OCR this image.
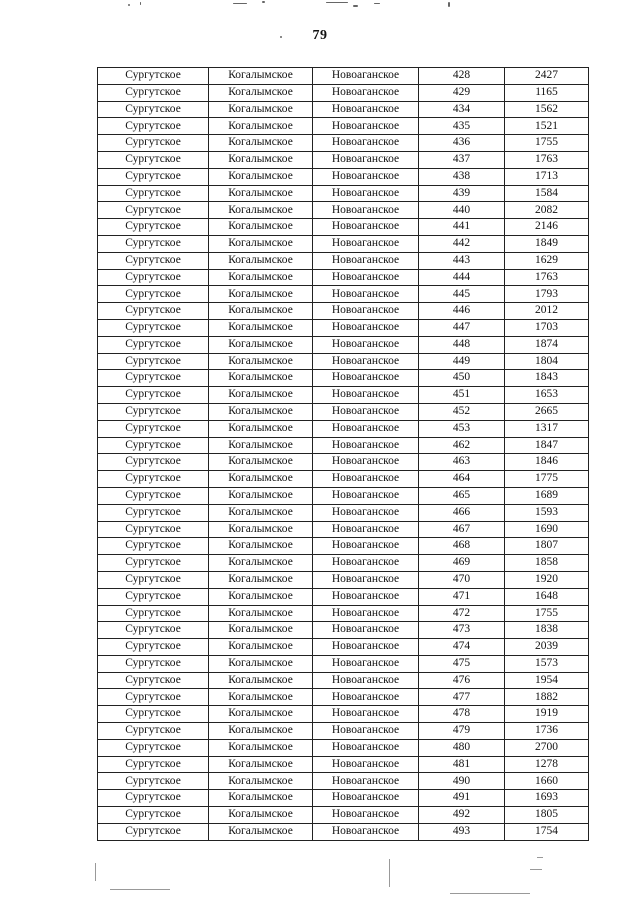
79
Сургутское	Когалымское	Новоаганское	428	2427
Сургутское	Когалымское	Новоаганское	429	1165
Сургутское	Когалымское	Новоаганское	434	1562
Сургутское	Когалымское	Новоаганское	435	1521
Сургутское	Когалымское	Новоаганское	436	1755
Сургутское	Когалымское	Новоаганское	437	1763
Сургутское	Когалымское	Новоаганское	438	1713
Сургутское	Когалымское	Новоаганское	439	1584
Сургутское	Когалымское	Новоаганское	440	2082
Сургутское	Когалымское	Новоаганское	441	2146
Сургутское	Когалымское	Новоаганское	442	1849
Сургутское	Когалымское	Новоаганское	443	1629
Сургутское	Когалымское	Новоаганское	444	1763
Сургутское	Когалымское	Новоаганское	445	1793
Сургутское	Когалымское	Новоаганское	446	2012
Сургутское	Когалымское	Новоаганское	447	1703
Сургутское	Когалымское	Новоаганское	448	1874
Сургутское	Когалымское	Новоаганское	449	1804
Сургутское	Когалымское	Новоаганское	450	1843
Сургутское	Когалымское	Новоаганское	451	1653
Сургутское	Когалымское	Новоаганское	452	2665
Сургутское	Когалымское	Новоаганское	453	1317
Сургутское	Когалымское	Новоаганское	462	1847
Сургутское	Когалымское	Новоаганское	463	1846
Сургутское	Когалымское	Новоаганское	464	1775
Сургутское	Когалымское	Новоаганское	465	1689
Сургутское	Когалымское	Новоаганское	466	1593
Сургутское	Когалымское	Новоаганское	467	1690
Сургутское	Когалымское	Новоаганское	468	1807
Сургутское	Когалымское	Новоаганское	469	1858
Сургутское	Когалымское	Новоаганское	470	1920
Сургутское	Когалымское	Новоаганское	471	1648
Сургутское	Когалымское	Новоаганское	472	1755
Сургутское	Когалымское	Новоаганское	473	1838
Сургутское	Когалымское	Новоаганское	474	2039
Сургутское	Когалымское	Новоаганское	475	1573
Сургутское	Когалымское	Новоаганское	476	1954
Сургутское	Когалымское	Новоаганское	477	1882
Сургутское	Когалымское	Новоаганское	478	1919
Сургутское	Когалымское	Новоаганское	479	1736
Сургутское	Когалымское	Новоаганское	480	2700
Сургутское	Когалымское	Новоаганское	481	1278
Сургутское	Когалымское	Новоаганское	490	1660
Сургутское	Когалымское	Новоаганское	491	1693
Сургутское	Когалымское	Новоаганское	492	1805
Сургутское	Когалымское	Новоаганское	493	1754
